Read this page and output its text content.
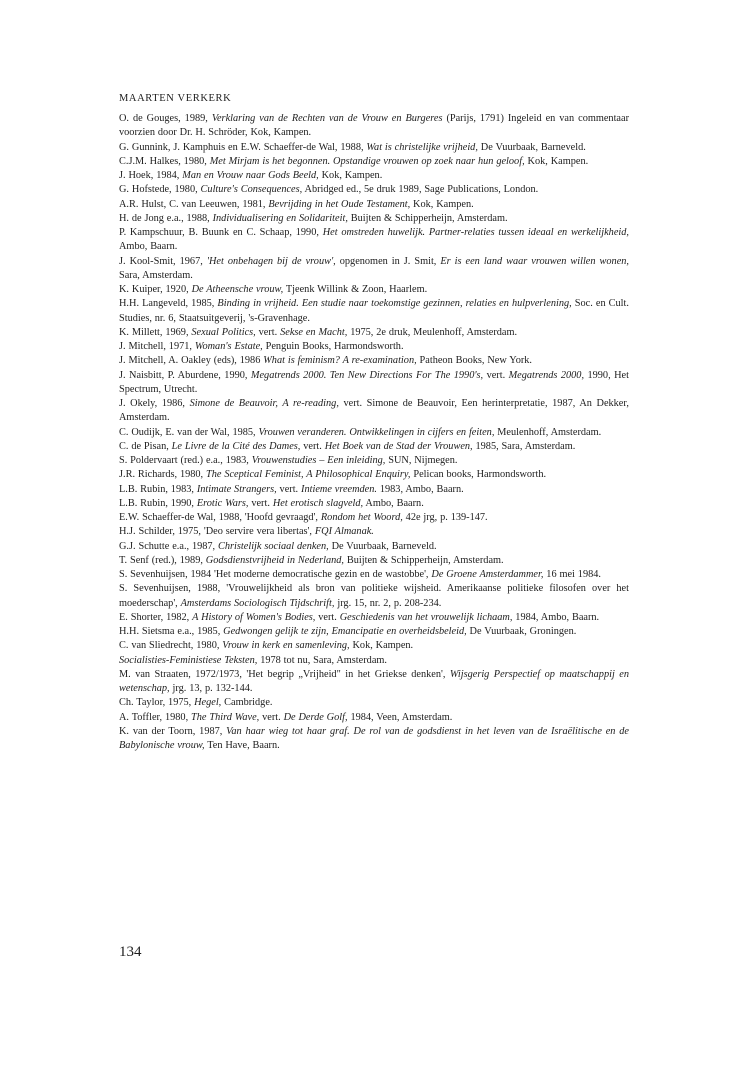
MAARTEN VERKERK

O. de Gouges, 1989, Verklaring van de Rechten van de Vrouw en Burgeres (Parijs, 1791) Ingeleid en van commentaar voorzien door Dr. H. Schröder, Kok, Kampen.

G. Gunnink, J. Kamphuis en E.W. Schaeffer-de Wal, 1988, Wat is christelijke vrijheid, De Vuurbaak, Barneveld.

C.J.M. Halkes, 1980, Met Mirjam is het begonnen. Opstandige vrouwen op zoek naar hun geloof, Kok, Kampen.

J. Hoek, 1984, Man en Vrouw naar Gods Beeld, Kok, Kampen.

G. Hofstede, 1980, Culture's Consequences, Abridged ed., 5e druk 1989, Sage Publications, London.

A.R. Hulst, C. van Leeuwen, 1981, Bevrijding in het Oude Testament, Kok, Kampen.

H. de Jong e.a., 1988, Individualisering en Solidariteit, Buijten & Schipperheijn, Amsterdam.

P. Kampschuur, B. Buunk en C. Schaap, 1990, Het omstreden huwelijk. Partner-relaties tussen ideaal en werkelijkheid, Ambo, Baarn.

J. Kool-Smit, 1967, 'Het onbehagen bij de vrouw', opgenomen in J. Smit, Er is een land waar vrouwen willen wonen, Sara, Amsterdam.

K. Kuiper, 1920, De Atheensche vrouw, Tjeenk Willink & Zoon, Haarlem.

H.H. Langeveld, 1985, Binding in vrijheid. Een studie naar toekomstige gezinnen, relaties en hulpverlening, Soc. en Cult. Studies, nr. 6, Staatsuitgeverij, 's-Gravenhage.

K. Millett, 1969, Sexual Politics, vert. Sekse en Macht, 1975, 2e druk, Meulenhoff, Amsterdam.

J. Mitchell, 1971, Woman's Estate, Penguin Books, Harmondsworth.

J. Mitchell, A. Oakley (eds), 1986 What is feminism? A re-examination, Patheon Books, New York.

J. Naisbitt, P. Aburdene, 1990, Megatrends 2000. Ten New Directions For The 1990's, vert. Megatrends 2000, 1990, Het Spectrum, Utrecht.

J. Okely, 1986, Simone de Beauvoir, A re-reading, vert. Simone de Beauvoir, Een herinterpretatie, 1987, An Dekker, Amsterdam.

C. Oudijk, E. van der Wal, 1985, Vrouwen veranderen. Ontwikkelingen in cijfers en feiten, Meulenhoff, Amsterdam.

C. de Pisan, Le Livre de la Cité des Dames, vert. Het Boek van de Stad der Vrouwen, 1985, Sara, Amsterdam.

S. Poldervaart (red.) e.a., 1983, Vrouwenstudies – Een inleiding, SUN, Nijmegen.

J.R. Richards, 1980, The Sceptical Feminist, A Philosophical Enquiry, Pelican books, Harmondsworth.

L.B. Rubin, 1983, Intimate Strangers, vert. Intieme vreemden. 1983, Ambo, Baarn.

L.B. Rubin, 1990, Erotic Wars, vert. Het erotisch slagveld, Ambo, Baarn.

E.W. Schaeffer-de Wal, 1988, 'Hoofd gevraagd', Rondom het Woord, 42e jrg, p. 139-147.

H.J. Schilder, 1975, 'Deo servire vera libertas', FQI Almanak.

G.J. Schutte e.a., 1987, Christelijk sociaal denken, De Vuurbaak, Barneveld.

T. Senf (red.), 1989, Godsdienstvrijheid in Nederland, Buijten & Schipperheijn, Amsterdam.

S. Sevenhuijsen, 1984 'Het moderne democratische gezin en de wastobbe', De Groene Amsterdammer, 16 mei 1984.

S. Sevenhuijsen, 1988, 'Vrouwelijkheid als bron van politieke wijsheid. Amerikaanse politieke filosofen over het moederschap', Amsterdams Sociologisch Tijdschrift, jrg. 15, nr. 2, p. 208-234.

E. Shorter, 1982, A History of Women's Bodies, vert. Geschiedenis van het vrouwelijk lichaam, 1984, Ambo, Baarn.

H.H. Sietsma e.a., 1985, Gedwongen gelijk te zijn, Emancipatie en overheidsbeleid, De Vuurbaak, Groningen.

C. van Sliedrecht, 1980, Vrouw in kerk en samenleving, Kok, Kampen.

Socialisties-Feministiese Teksten, 1978 tot nu, Sara, Amsterdam.

M. van Straaten, 1972/1973, 'Het begrip „Vrijheid" in het Griekse denken', Wijsgerig Perspectief op maatschappij en wetenschap, jrg. 13, p. 132-144.

Ch. Taylor, 1975, Hegel, Cambridge.

A. Toffler, 1980, The Third Wave, vert. De Derde Golf, 1984, Veen, Amsterdam.

K. van der Toorn, 1987, Van haar wieg tot haar graf. De rol van de godsdienst in het leven van de Israëlitische en de Babylonische vrouw, Ten Have, Baarn.

134
